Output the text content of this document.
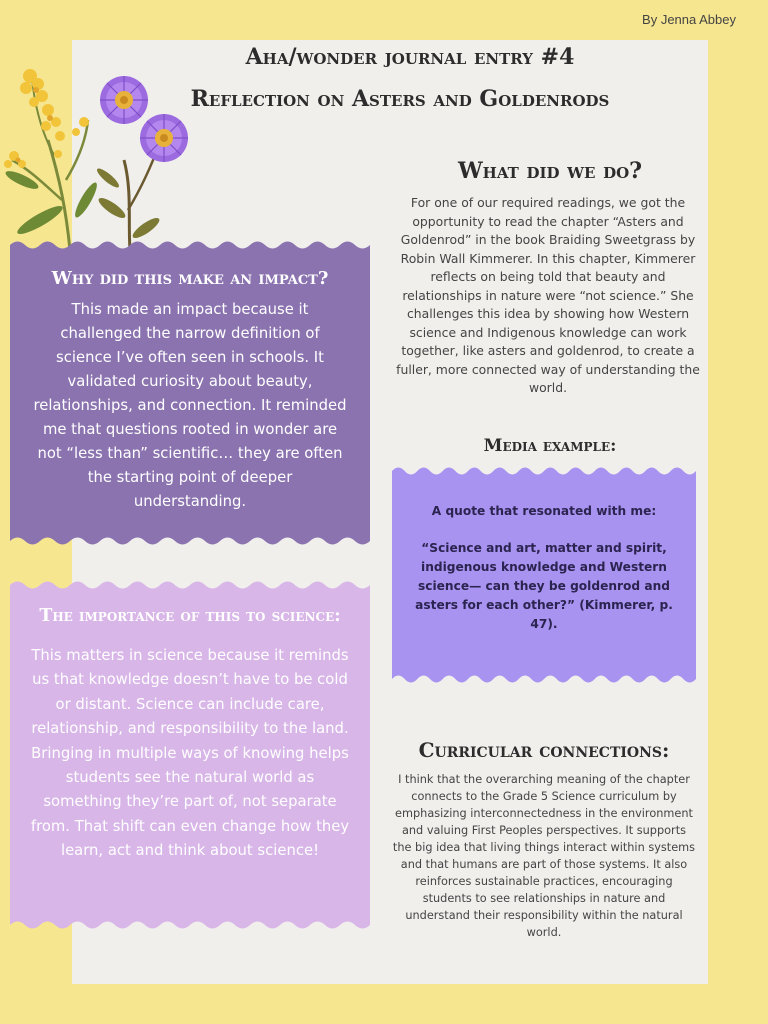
By Jenna Abbey
Aha/wonder journal entry #4
Reflection on Asters and Goldenrods
What did we do?
For one of our required readings, we got the opportunity to read the chapter “Asters and Goldenrod” in the book Braiding Sweetgrass by Robin Wall Kimmerer. In this chapter, Kimmerer reflects on being told that beauty and relationships in nature were “not science.” She challenges this idea by showing how Western science and Indigenous knowledge can work together, like asters and goldenrod, to create a fuller, more connected way of understanding the world.
Media example:
A quote that resonated with me:
“Science and art, matter and spirit, indigenous knowledge and Western science— can they be goldenrod and asters for each other?” (Kimmerer, p. 47).
Curricular connections:
I think that the overarching meaning of the chapter connects to the Grade 5 Science curriculum by emphasizing interconnectedness in the environment and valuing First Peoples perspectives. It supports the big idea that living things interact within systems and that humans are part of those systems. It also reinforces sustainable practices, encouraging students to see relationships in nature and understand their responsibility within the natural world.
Why did this make an impact?
This made an impact because it challenged the narrow definition of science I’ve often seen in schools. It validated curiosity about beauty, relationships, and connection. It reminded me that questions rooted in wonder are not “less than” scientific… they are often the starting point of deeper understanding.
The importance of this to science:
This matters in science because it reminds us that knowledge doesn’t have to be cold or distant. Science can include care, relationship, and responsibility to the land. Bringing in multiple ways of knowing helps students see the natural world as something they’re part of, not separate from. That shift can even change how they learn, act and think about science!
